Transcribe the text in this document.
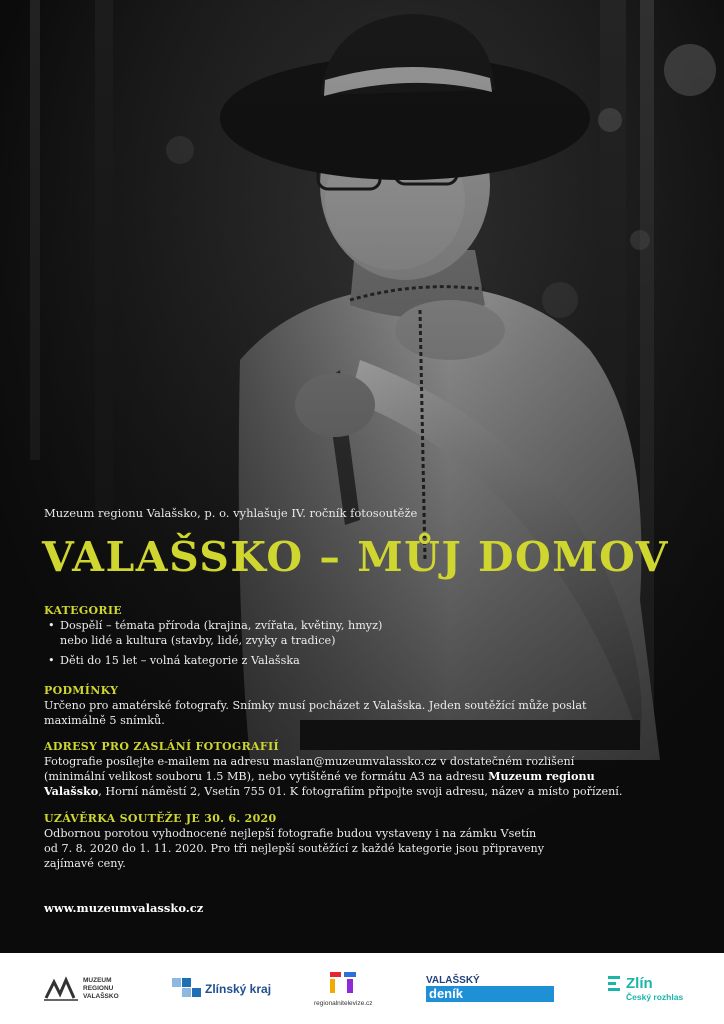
Muzeum regionu Valašsko, p. o. vyhlašuje IV. ročník fotosoutěže
VALAŠSKO – MŮJ DOMOV
KATEGORIE
• Dospělí – témata příroda (krajina, zvířata, květiny, hmyz)
nebo lidé a kultura (stavby, lidé, zvyky a tradice)
• Děti do 15 let – volná kategorie z Valašska
PODMÍNKY
Určeno pro amatérské fotografy. Snímky musí pocházet z Valašska. Jeden soutěžící může poslat
maximálně 5 snímků.
ADRESY PRO ZASLÁNÍ FOTOGRAFIÍ
Fotografie posílejte e-mailem na adresu maslan@muzeumvalassko.cz v dostatečném rozlišení
(minimální velikost souboru 1.5 MB), nebo vytištěné ve formátu A3 na adresu Muzeum regionu
Valašsko, Horní náměstí 2, Vsetín 755 01. K fotografiím připojte svoji adresu, název a místo pořízení.
UZÁVĚRKA SOUTĚŽE JE 30. 6. 2020
Odbornou porotou vyhodnocené nejlepší fotografie budou vystaveny i na zámku Vsetín
od 7. 8. 2020 do 1. 11. 2020. Pro tři nejlepší soutěžící z každé kategorie jsou připraveny
zajímavé ceny.
www.muzeumvalassko.cz
MUZEUM
REGIONU
VALAŠSKO
Zlínský kraj
regionalnitelevize.cz
VALAŠSKÝ
deník
Zlín
Český rozhlas
